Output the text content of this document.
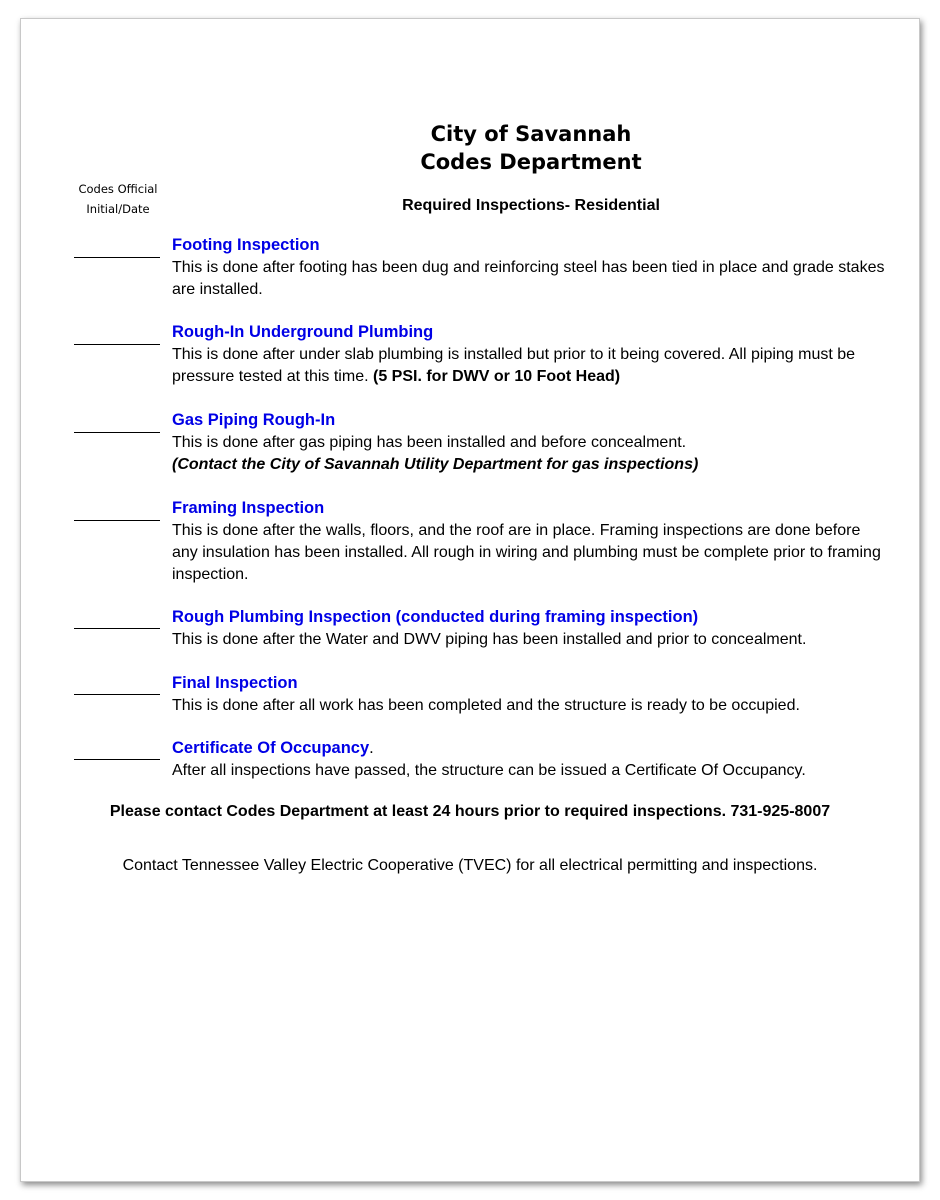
City of Savannah
Codes Department
Codes Official
Initial/Date	Required Inspections- Residential
Footing Inspection
This is done after footing has been dug and reinforcing steel has been tied in place and grade stakes are installed.
Rough-In Underground Plumbing
This is done after under slab plumbing is installed but prior to it being covered. All piping must be pressure tested at this time. (5 PSI. for DWV or 10 Foot Head)
Gas Piping Rough-In
This is done after gas piping has been installed and before concealment.
(Contact the City of Savannah Utility Department for gas inspections)
Framing Inspection
This is done after the walls, floors, and the roof are in place. Framing inspections are done before any insulation has been installed. All rough in wiring and plumbing must be complete prior to framing inspection.
Rough Plumbing Inspection (conducted during framing inspection)
This is done after the Water and DWV piping has been installed and prior to concealment.
Final Inspection
This is done after all work has been completed and the structure is ready to be occupied.
Certificate Of Occupancy.
After all inspections have passed, the structure can be issued a Certificate Of Occupancy.
Please contact Codes Department at least 24 hours prior to required inspections. 731-925-8007
Contact Tennessee Valley Electric Cooperative (TVEC) for all electrical permitting and inspections.
